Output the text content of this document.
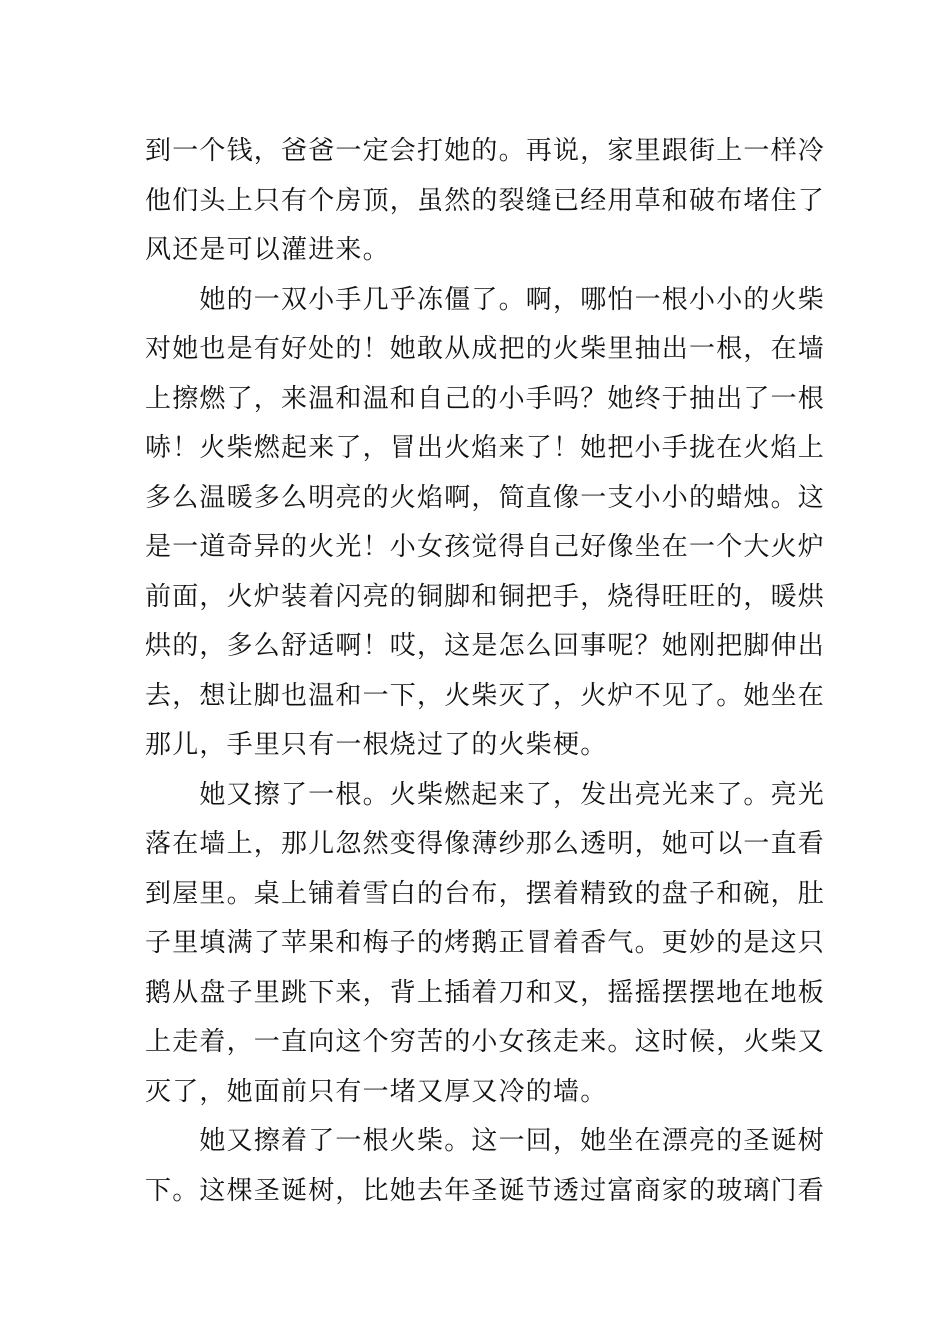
到一个钱，爸爸一定会打她的。再说，家里跟街上一样冷
他们头上只有个房顶，虽然的裂缝已经用草和破布堵住了
风还是可以灌进来。
　　她的一双小手几乎冻僵了。啊，哪怕一根小小的火柴
对她也是有好处的！她敢从成把的火柴里抽出一根，在墙
上擦燃了，来温和温和自己的小手吗？她终于抽出了一根
哧！火柴燃起来了，冒出火焰来了！她把小手拢在火焰上
多么温暖多么明亮的火焰啊，简直像一支小小的蜡烛。这
是一道奇异的火光！小女孩觉得自己好像坐在一个大火炉
前面，火炉装着闪亮的铜脚和铜把手，烧得旺旺的，暖烘
烘的，多么舒适啊！哎，这是怎么回事呢？她刚把脚伸出
去，想让脚也温和一下，火柴灭了，火炉不见了。她坐在
那儿，手里只有一根烧过了的火柴梗。
　　她又擦了一根。火柴燃起来了，发出亮光来了。亮光
落在墙上，那儿忽然变得像薄纱那么透明，她可以一直看
到屋里。桌上铺着雪白的台布，摆着精致的盘子和碗，肚
子里填满了苹果和梅子的烤鹅正冒着香气。更妙的是这只
鹅从盘子里跳下来，背上插着刀和叉，摇摇摆摆地在地板
上走着，一直向这个穷苦的小女孩走来。这时候，火柴又
灭了，她面前只有一堵又厚又冷的墙。
　　她又擦着了一根火柴。这一回，她坐在漂亮的圣诞树
下。这棵圣诞树，比她去年圣诞节透过富商家的玻璃门看
